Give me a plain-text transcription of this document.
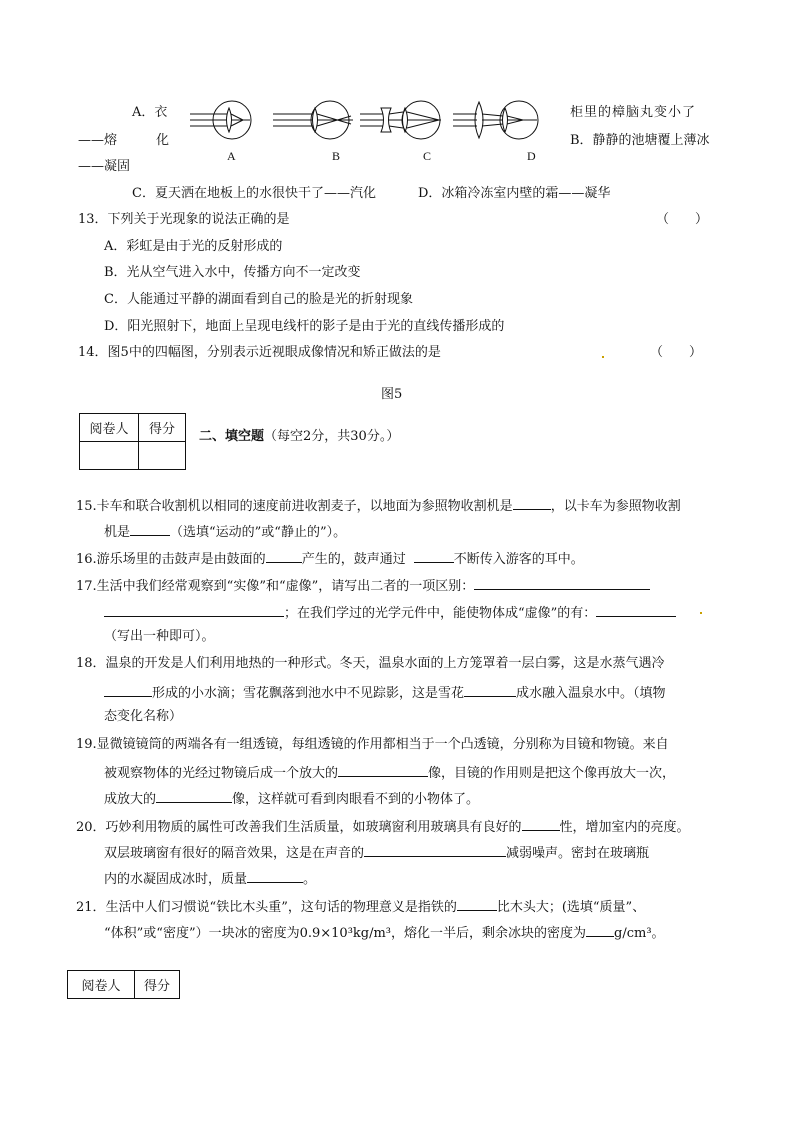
A．衣	柜里的樟脑丸变小了
——熔　　　化	B．静静的池塘覆上薄冰
——凝固
C．夏天洒在地板上的水很快干了——汽化	D．冰箱冷冻室内壁的霜——凝华
A	B	C	D
13．下列关于光现象的说法正确的是	（　　）
A．彩虹是由于光的反射形成的
B．光从空气进入水中，传播方向不一定改变
C．人能通过平静的湖面看到自己的脸是光的折射现象
D．阳光照射下，地面上呈现电线杆的影子是由于光的直线传播形成的
14．图5中的四幅图，分别表示近视眼成像情况和矫正做法的是	（　　）
图5
阅卷人	得分
	二、填空题（每空2分，共30分。）
15.卡车和联合收割机以相同的速度前进收割麦子，以地面为参照物收割机是	，以卡车为参照物收割
机是	（选填“运动的”或“静止的”）。
16.游乐场里的击鼓声是由鼓面的	产生的，鼓声通过	不断传入游客的耳中。
17.生活中我们经常观察到“实像”和“虚像”，请写出二者的一项区别：
；在我们学过的光学元件中，能使物体成“虚像”的有：
（写出一种即可）。
18．温泉的开发是人们利用地热的一种形式。冬天，温泉水面的上方笼罩着一层白雾，这是水蒸气遇冷
形成的小水滴；雪花飘落到池水中不见踪影，这是雪花	成水融入温泉水中。（填物
态变化名称）
19.显微镜镜筒的两端各有一组透镜，每组透镜的作用都相当于一个凸透镜，分别称为目镜和物镜。来自
被观察物体的光经过物镜后成一个放大的	像，目镜的作用则是把这个像再放大一次，
成放大的	像，这样就可看到肉眼看不到的小物体了。
20．巧妙利用物质的属性可改善我们生活质量，如玻璃窗利用玻璃具有良好的	性，增加室内的亮度。
双层玻璃窗有很好的隔音效果，这是在声音的	减弱噪声。密封在玻璃瓶
内的水凝固成冰时，质量	。
21．生活中人们习惯说“铁比木头重”，这句话的物理意义是指铁的	比木头大；(选填“质量”、
“体积”或“密度”）一块冰的密度为0.9×10³kg/m³，熔化一半后，剩余冰块的密度为 g/cm³。
阅卷人	得分
